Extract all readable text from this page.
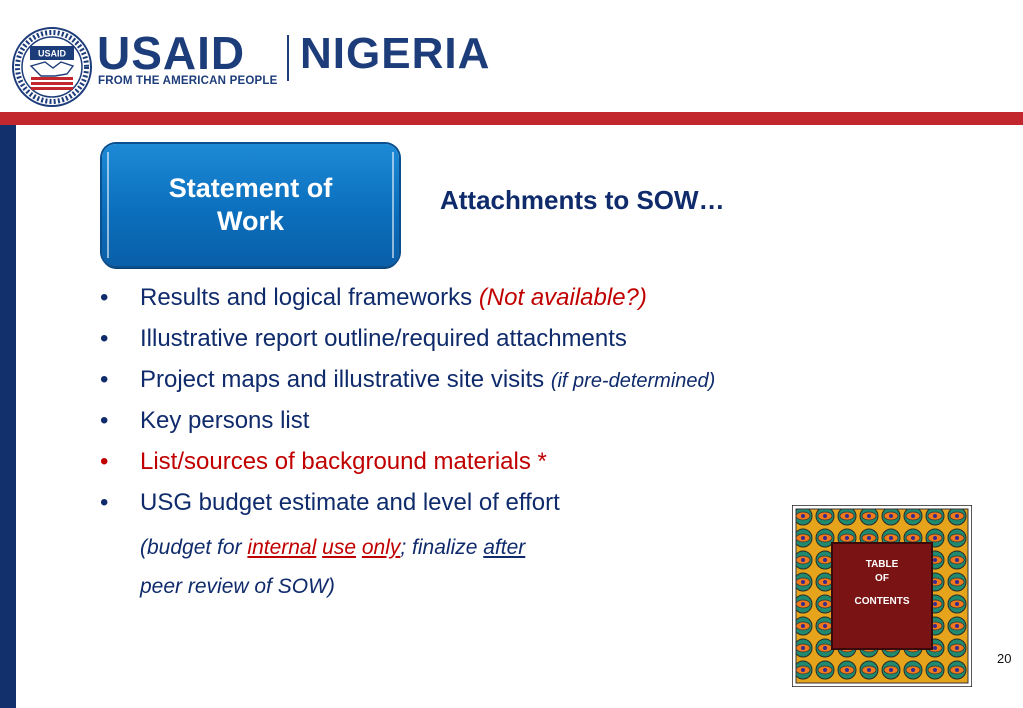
USAID USAID
FROM THE AMERICAN PEOPLE
NIGERIA
Statement of
Work
Attachments to SOW…
• Results and logical frameworks (Not available?)
• Illustrative report outline/required attachments
• Project maps and illustrative site visits (if pre-determined)
• Key persons list
• List/sources of background materials *
• USG budget estimate and level of effort
(budget for internal use only; finalize after
peer review of SOW)
TABLE
OF
CONTENTS
20
